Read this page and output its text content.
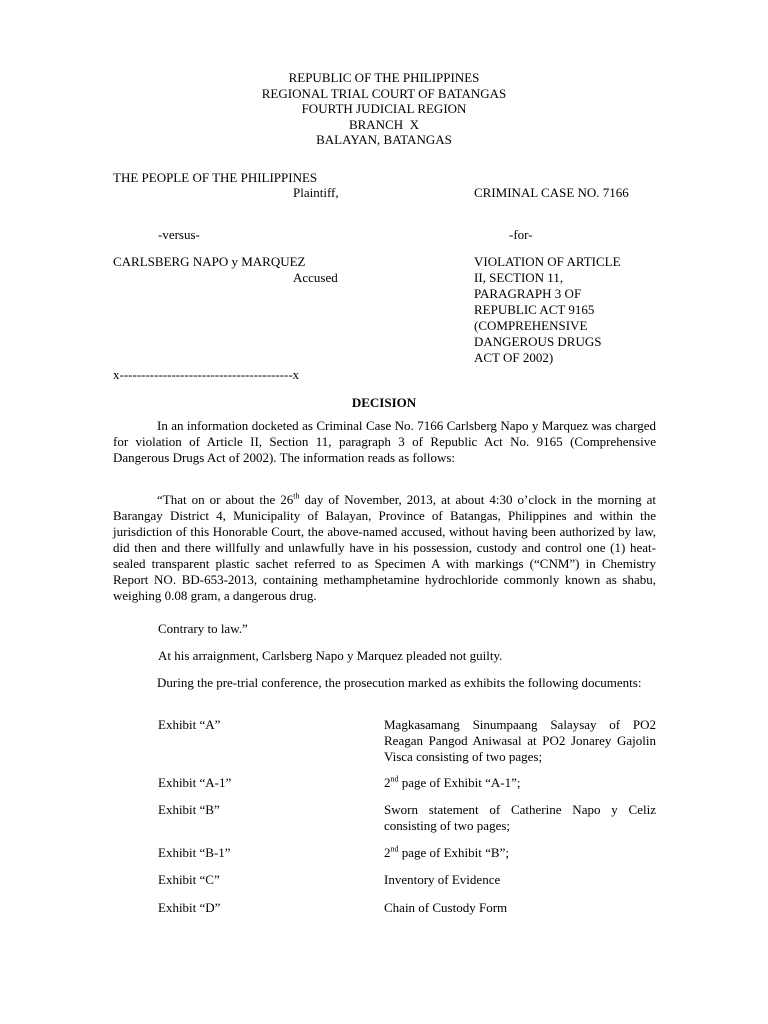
REPUBLIC OF THE PHILIPPINES
REGIONAL TRIAL COURT OF BATANGAS
FOURTH JUDICIAL REGION
BRANCH  X
BALAYAN, BATANGAS
THE PEOPLE OF THE PHILIPPINES
Plaintiff,	CRIMINAL CASE NO. 7166
-versus-	-for-
CARLSBERG NAPO y MARQUEZ
Accused
VIOLATION OF ARTICLE
II, SECTION 11,
PARAGRAPH 3 OF
REPUBLIC ACT 9165
(COMPREHENSIVE
DANGEROUS DRUGS
ACT OF 2002)
x----------------------------------------x
DECISION
In an information docketed as Criminal Case No. 7166 Carlsberg Napo y Marquez was charged for violation of Article II, Section 11, paragraph 3 of Republic Act No. 9165 (Comprehensive Dangerous Drugs Act of 2002). The information reads as follows:
“That on or about the 26th day of November, 2013, at about 4:30 o’clock in the morning at Barangay District 4, Municipality of Balayan, Province of Batangas, Philippines and within the jurisdiction of this Honorable Court, the above-named accused, without having been authorized by law, did then and there willfully and unlawfully have in his possession, custody and control one (1) heat-sealed transparent plastic sachet referred to as Specimen A with markings (“CNM”) in Chemistry Report NO. BD-653-2013, containing methamphetamine hydrochloride commonly known as shabu, weighing 0.08 gram, a dangerous drug.
Contrary to law.”
At his arraignment, Carlsberg Napo y Marquez pleaded not guilty.
During the pre-trial conference, the prosecution marked as exhibits the following documents:
Exhibit “A”	Magkasamang Sinumpaang Salaysay of PO2 Reagan Pangod Aniwasal at PO2 Jonarey Gajolin Visca consisting of two pages;
Exhibit “A-1”	2nd page of Exhibit “A-1”;
Exhibit “B”	Sworn statement of Catherine Napo y Celiz consisting of two pages;
Exhibit “B-1”	2nd page of Exhibit “B”;
Exhibit “C”	Inventory of Evidence
Exhibit “D”	Chain of Custody Form
